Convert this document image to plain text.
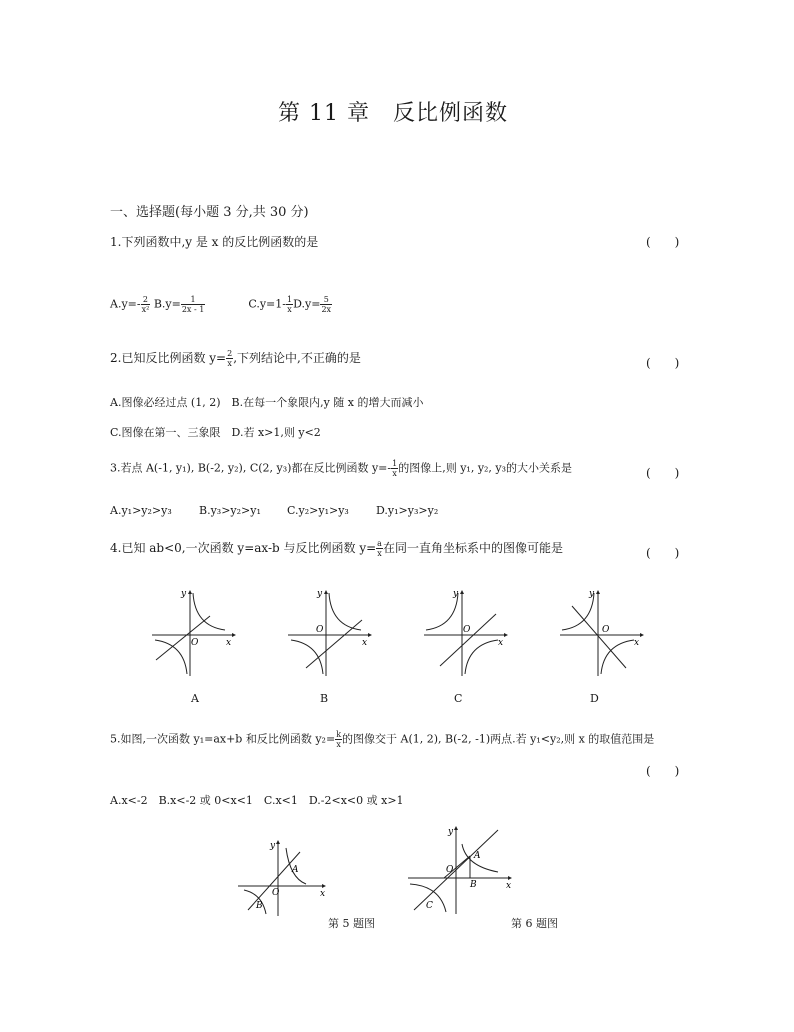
第 11 章　反比例函数
一、选择题(每小题 3 分,共 30 分)
1.下列函数中,y 是 x 的反比例函数的是	(　　)
$A.y=- \frac{2}{\text{x²}} B.y= \frac{1}{2x - 1}$	$C.y=1- \frac{1}{x} D.y= \frac{5}{2x}$
2.已知反比例函数 $y= \frac{2}{x}$ ,下列结论中,不正确的是	(　　)
A.图像必经过点 (1, 2)　B.在每一个象限内,y 随 x 的增大而减小
C.图像在第一、三象限　D.若 x>1,则 y<2
3.若点 A(-1, y₁), B(-2, y₂), C(2, y₃)都在反比例函数 $y=- \frac{1}{x}$ 的图像上,则 y₁, y₂, y₃的大小关系是	(　　)
A.y₁>y₂>y₃ B.y₃>y₂>y₁ C.y₂>y₁>y₃ D.y₁>y₃>y₂
4.已知 ab<0,一次函数 y=ax-b 与反比例函数 $y= \frac{a}{x}$ 在同一直角坐标系中的图像可能是	(　　)
y
x
O
A
y
x
O
B
y
x
O
C
y
x
O
D
5.如图,一次函数 y₁=ax+b 和反比例函数 $y_2= \frac{k}{x}$ 的图像交于 A(1, 2), B(-2, -1)两点.若 y₁<y₂,则 x 的取值范围是
(　　)
A.x<-2　B.x<-2 或 0<x<1　C.x<1　D.-2<x<0 或 x>1
y
x
O
A
B
第 5 题图
y
x
O
A
B
C
第 6 题图
